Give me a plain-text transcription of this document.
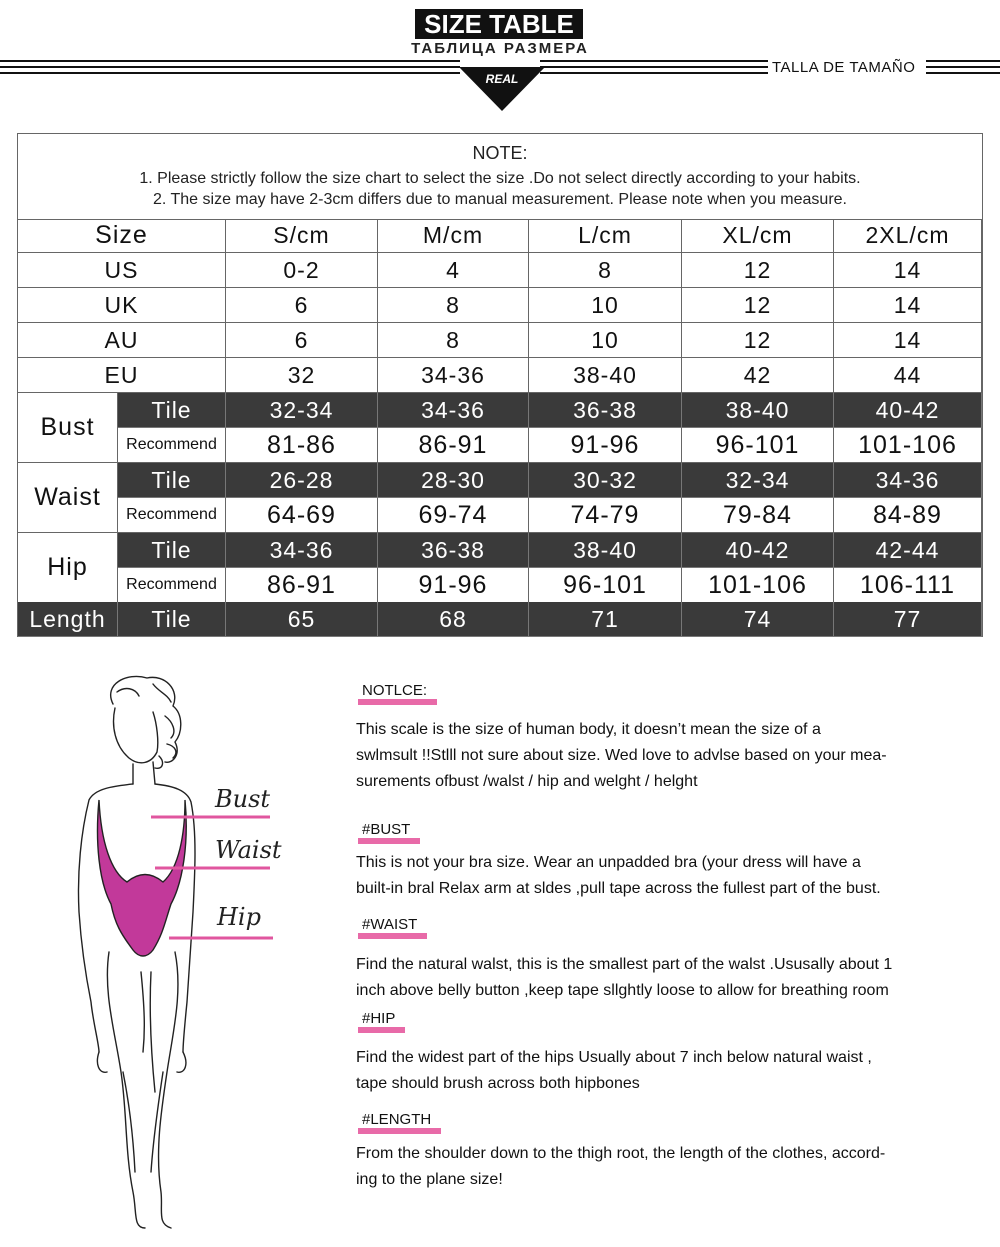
SIZE TABLE
ТАБЛИЦА РАЗМЕРА
TALLA DE TAMAÑO
REAL
NOTE:
1. Please strictly follow the size chart to select the size .Do not select directly according to your habits.
2. The size may have 2-3cm differs due to manual measurement. Please note when you measure.
Size	S/cm	M/cm	L/cm	XL/cm	2XL/cm
US	0-2	4	8	12	14
UK	6	8	10	12	14
AU	6	8	10	12	14
EU	32	34-36	38-40	42	44
Bust
Tile	32-34	34-36	36-38	38-40	40-42
Recommend	81-86	86-91	91-96	96-101	101-106
Waist
Tile	26-28	28-30	30-32	32-34	34-36
Recommend	64-69	69-74	74-79	79-84	84-89
Hip
Tile	34-36	36-38	38-40	40-42	42-44
Recommend	86-91	91-96	96-101	101-106	106-111
Length	Tile	65	68	71	74	77
Bust
Waist
Hip
NOTLCE:
This scale is the size of human body, it doesn’t mean the size of a
swlmsult !!Stlll not sure about size. Wed love to advlse based on your mea-
surements ofbust /walst / hip and welght / helght
#BUST
This is not your bra size. Wear an unpadded bra (your dress will have a
built-in bral Relax arm at sldes ,pull tape across the fullest part of the bust.
#WAIST
Find the natural walst, this is the smallest part of the walst .Ususally about 1
inch above belly button ,keep tape sllghtly loose to allow for breathing room
#HIP
Find the widest part of the hips Usually about 7 inch below natural waist ,
tape should brush across both hipbones
#LENGTH
From the shoulder down to the thigh root, the length of the clothes, accord-
ing to the plane size!
